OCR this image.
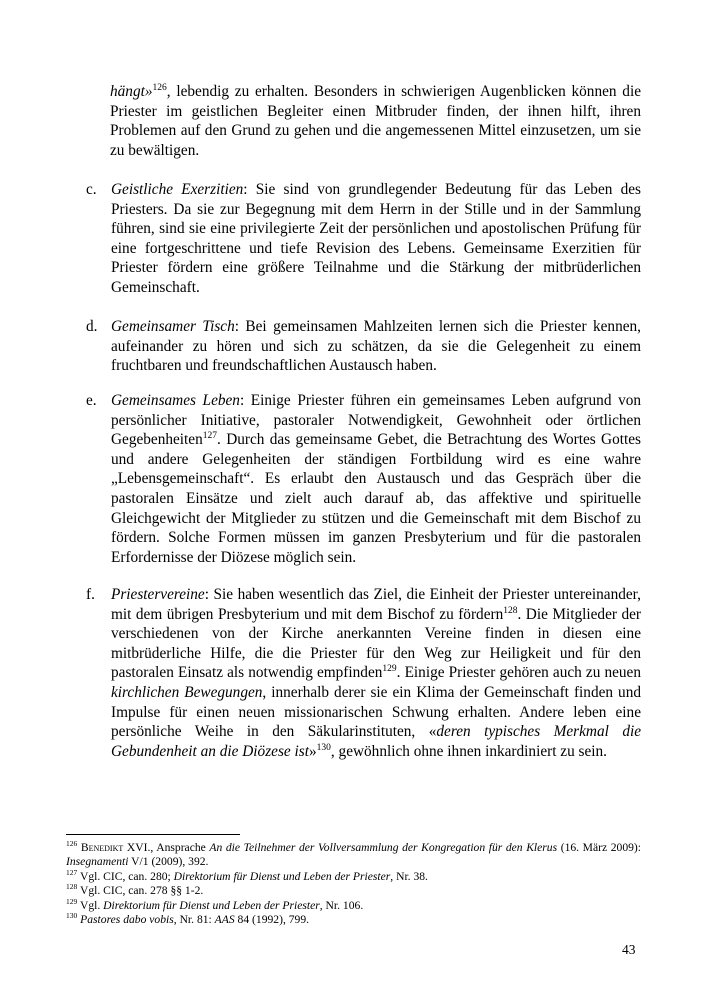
hängt»$^{126}$, lebendig zu erhalten. Besonders in schwierigen Augenblicken können die Priester im geistlichen Begleiter einen Mitbruder finden, der ihnen hilft, ihren Problemen auf den Grund zu gehen und die angemessenen Mittel einzusetzen, um sie zu bewältigen.

c. Geistliche Exerzitien: Sie sind von grundlegender Bedeutung für das Leben des Priesters. Da sie zur Begegnung mit dem Herrn in der Stille und in der Sammlung führen, sind sie eine privilegierte Zeit der persönlichen und apostolischen Prüfung für eine fortgeschrittene und tiefe Revision des Lebens. Gemeinsame Exerzitien für Priester fördern eine größere Teilnahme und die Stärkung der mitbrüderlichen Gemeinschaft.

d. Gemeinsamer Tisch: Bei gemeinsamen Mahlzeiten lernen sich die Priester kennen, aufeinander zu hören und sich zu schätzen, da sie die Gelegenheit zu einem fruchtbaren und freundschaftlichen Austausch haben.

e. Gemeinsames Leben: Einige Priester führen ein gemeinsames Leben aufgrund von persönlicher Initiative, pastoraler Notwendigkeit, Gewohnheit oder örtlichen Gegebenheiten$^{127}$. Durch das gemeinsame Gebet, die Betrachtung des Wortes Gottes und andere Gelegenheiten der ständigen Fortbildung wird es eine wahre „Lebensgemeinschaft“. Es erlaubt den Austausch und das Gespräch über die pastoralen Einsätze und zielt auch darauf ab, das affektive und spirituelle Gleichgewicht der Mitglieder zu stützen und die Gemeinschaft mit dem Bischof zu fördern. Solche Formen müssen im ganzen Presbyterium und für die pastoralen Erfordernisse der Diözese möglich sein.

f.	Priestervereine: Sie haben wesentlich das Ziel, die Einheit der Priester untereinander, mit dem übrigen Presbyterium und mit dem Bischof zu fördern$^{128}$. Die Mitglieder der verschiedenen von der Kirche anerkannten Vereine finden in diesen eine mitbrüderliche Hilfe, die die Priester für den Weg zur Heiligkeit und für den pastoralen Einsatz als notwendig empfinden$^{129}$. Einige Priester gehören auch zu neuen kirchlichen Bewegungen, innerhalb derer sie ein Klima der Gemeinschaft finden und Impulse für einen neuen missionarischen Schwung erhalten. Andere leben eine persönliche Weihe in den Säkularinstituten, «deren typisches Merkmal die Gebundenheit an die Diözese ist»$^{130}$, gewöhnlich ohne ihnen inkardiniert zu sein.

$^{126}$ Benedikt XVI., Ansprache An die Teilnehmer der Vollversammlung der Kongregation für den Klerus (16. März 2009): Insegnamenti V/1 (2009), 392.

$^{127}$ Vgl. CIC, can. 280; Direktorium für Dienst und Leben der Priester, Nr. 38.

$^{128}$ Vgl. CIC, can. 278 §§ 1-2.

$^{129}$ Vgl. Direktorium für Dienst und Leben der Priester, Nr. 106.

$^{130}$ Pastores dabo vobis, Nr. 81: AAS 84 (1992), 799.

43
